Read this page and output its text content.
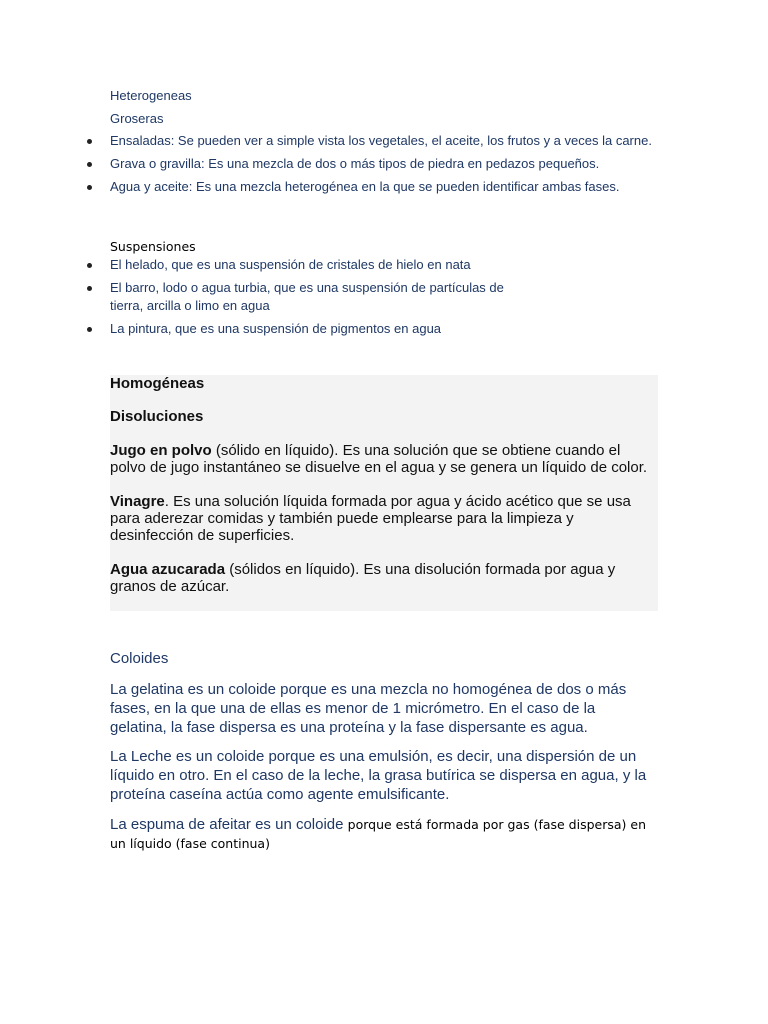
Heterogeneas

Groseras

Ensaladas: Se pueden ver a simple vista los vegetales, el aceite, los frutos y a veces la carne.
Grava o gravilla: Es una mezcla de dos o más tipos de piedra en pedazos pequeños.
Agua y aceite: Es una mezcla heterogénea en la que se pueden identificar ambas fases.

Suspensiones

El helado, que es una suspensión de cristales de hielo en nata
El barro, lodo o agua turbia, que es una suspensión de partículas de tierra, arcilla o limo en agua
La pintura, que es una suspensión de pigmentos en agua

Homogéneas

Disoluciones

Jugo en polvo (sólido en líquido). Es una solución que se obtiene cuando el polvo de jugo instantáneo se disuelve en el agua y se genera un líquido de color.

Vinagre. Es una solución líquida formada por agua y ácido acético que se usa para aderezar comidas y también puede emplearse para la limpieza y desinfección de superficies.

Agua azucarada (sólidos en líquido). Es una disolución formada por agua y granos de azúcar.

Coloides

La gelatina es un coloide porque es una mezcla no homogénea de dos o más fases, en la que una de ellas es menor de 1 micrómetro. En el caso de la gelatina, la fase dispersa es una proteína y la fase dispersante es agua.

La Leche es un coloide porque es una emulsión, es decir, una dispersión de un líquido en otro. En el caso de la leche, la grasa butírica se dispersa en agua, y la proteína caseína actúa como agente emulsificante.

La espuma de afeitar es un coloide porque está formada por gas (fase dispersa) en un líquido (fase continua)
